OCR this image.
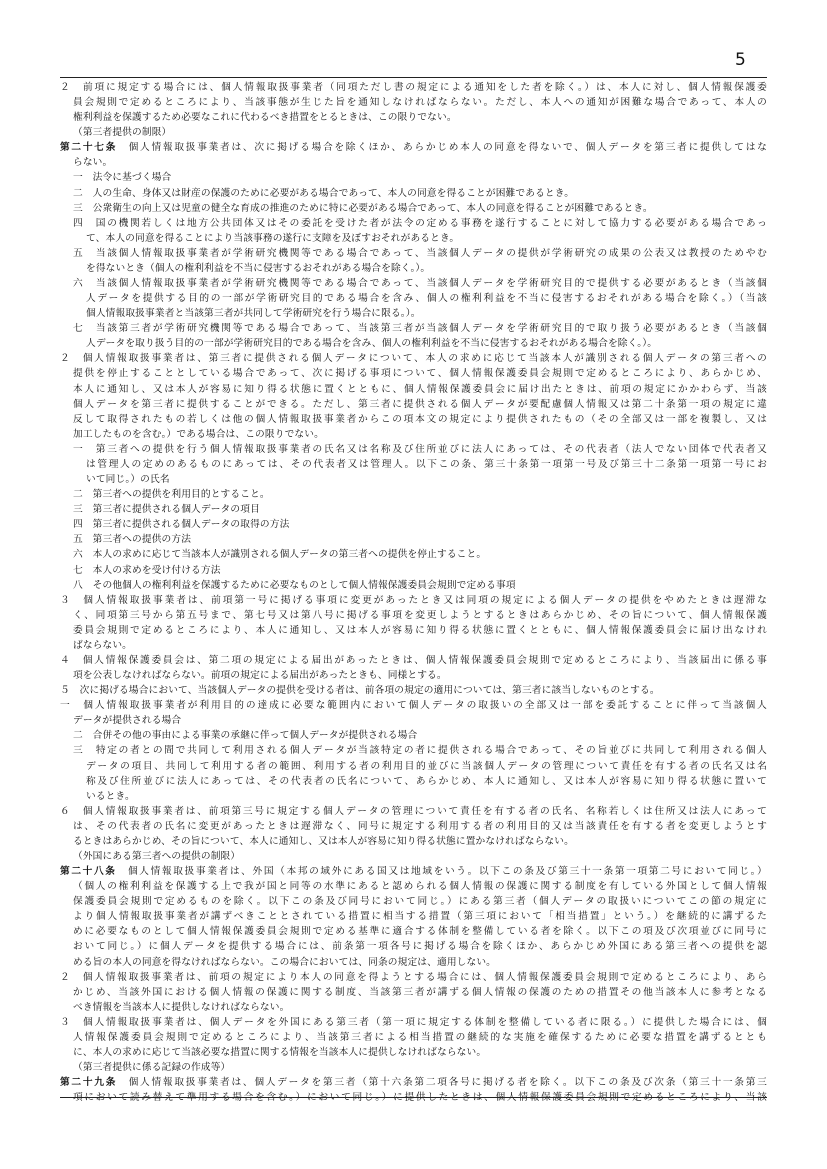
5
２　前項に規定する場合には、個人情報取扱事業者（同項ただし書の規定による通知をした者を除く。）は、本人に対し、個人情報保護委
員会規則で定めるところにより、当該事態が生じた旨を通知しなければならない。ただし、本人への通知が困難な場合であって、本人の
権利利益を保護するため必要なこれに代わるべき措置をとるときは、この限りでない。
（第三者提供の制限）
第二十七条　個人情報取扱事業者は、次に掲げる場合を除くほか、あらかじめ本人の同意を得ないで、個人データを第三者に提供してはな
らない。
一　法令に基づく場合
二　人の生命、身体又は財産の保護のために必要がある場合であって、本人の同意を得ることが困難であるとき。
三　公衆衛生の向上又は児童の健全な育成の推進のために特に必要がある場合であって、本人の同意を得ることが困難であるとき。
四　国の機関若しくは地方公共団体又はその委託を受けた者が法令の定める事務を遂行することに対して協力する必要がある場合であっ
て、本人の同意を得ることにより当該事務の遂行に支障を及ぼすおそれがあるとき。
五　当該個人情報取扱事業者が学術研究機関等である場合であって、当該個人データの提供が学術研究の成果の公表又は教授のためやむ
を得ないとき（個人の権利利益を不当に侵害するおそれがある場合を除く。）。
六　当該個人情報取扱事業者が学術研究機関等である場合であって、当該個人データを学術研究目的で提供する必要があるとき（当該個
人データを提供する目的の一部が学術研究目的である場合を含み、個人の権利利益を不当に侵害するおそれがある場合を除く。）（当該
個人情報取扱事業者と当該第三者が共同して学術研究を行う場合に限る。）。
七　当該第三者が学術研究機関等である場合であって、当該第三者が当該個人データを学術研究目的で取り扱う必要があるとき（当該個
人データを取り扱う目的の一部が学術研究目的である場合を含み、個人の権利利益を不当に侵害するおそれがある場合を除く。）。
２　個人情報取扱事業者は、第三者に提供される個人データについて、本人の求めに応じて当該本人が識別される個人データの第三者への
提供を停止することとしている場合であって、次に掲げる事項について、個人情報保護委員会規則で定めるところにより、あらかじめ、
本人に通知し、又は本人が容易に知り得る状態に置くとともに、個人情報保護委員会に届け出たときは、前項の規定にかかわらず、当該
個人データを第三者に提供することができる。ただし、第三者に提供される個人データが要配慮個人情報又は第二十条第一項の規定に違
反して取得されたもの若しくは他の個人情報取扱事業者からこの項本文の規定により提供されたもの（その全部又は一部を複製し、又は
加工したものを含む。）である場合は、この限りでない。
一　第三者への提供を行う個人情報取扱事業者の氏名又は名称及び住所並びに法人にあっては、その代表者（法人でない団体で代表者又
は管理人の定めのあるものにあっては、その代表者又は管理人。以下この条、第三十条第一項第一号及び第三十二条第一項第一号にお
いて同じ。）の氏名
二　第三者への提供を利用目的とすること。
三　第三者に提供される個人データの項目
四　第三者に提供される個人データの取得の方法
五　第三者への提供の方法
六　本人の求めに応じて当該本人が識別される個人データの第三者への提供を停止すること。
七　本人の求めを受け付ける方法
八　その他個人の権利利益を保護するために必要なものとして個人情報保護委員会規則で定める事項
３　個人情報取扱事業者は、前項第一号に掲げる事項に変更があったとき又は同項の規定による個人データの提供をやめたときは遅滞な
く、同項第三号から第五号まで、第七号又は第八号に掲げる事項を変更しようとするときはあらかじめ、その旨について、個人情報保護
委員会規則で定めるところにより、本人に通知し、又は本人が容易に知り得る状態に置くとともに、個人情報保護委員会に届け出なけれ
ばならない。
４　個人情報保護委員会は、第二項の規定による届出があったときは、個人情報保護委員会規則で定めるところにより、当該届出に係る事
項を公表しなければならない。前項の規定による届出があったときも、同様とする。
５　次に掲げる場合において、当該個人データの提供を受ける者は、前各項の規定の適用については、第三者に該当しないものとする。
一　個人情報取扱事業者が利用目的の達成に必要な範囲内において個人データの取扱いの全部又は一部を委託することに伴って当該個人
データが提供される場合
二　合併その他の事由による事業の承継に伴って個人データが提供される場合
三　特定の者との間で共同して利用される個人データが当該特定の者に提供される場合であって、その旨並びに共同して利用される個人
データの項目、共同して利用する者の範囲、利用する者の利用目的並びに当該個人データの管理について責任を有する者の氏名又は名
称及び住所並びに法人にあっては、その代表者の氏名について、あらかじめ、本人に通知し、又は本人が容易に知り得る状態に置いて
いるとき。
６　個人情報取扱事業者は、前項第三号に規定する個人データの管理について責任を有する者の氏名、名称若しくは住所又は法人にあって
は、その代表者の氏名に変更があったときは遅滞なく、同号に規定する利用する者の利用目的又は当該責任を有する者を変更しようとす
るときはあらかじめ、その旨について、本人に通知し、又は本人が容易に知り得る状態に置かなければならない。
（外国にある第三者への提供の制限）
第二十八条　個人情報取扱事業者は、外国（本邦の域外にある国又は地域をいう。以下この条及び第三十一条第一項第二号において同じ。）
（個人の権利利益を保護する上で我が国と同等の水準にあると認められる個人情報の保護に関する制度を有している外国として個人情報
保護委員会規則で定めるものを除く。以下この条及び同号において同じ。）にある第三者（個人データの取扱いについてこの節の規定に
より個人情報取扱事業者が講ずべきこととされている措置に相当する措置（第三項において「相当措置」という。）を継続的に講ずるた
めに必要なものとして個人情報保護委員会規則で定める基準に適合する体制を整備している者を除く。以下この項及び次項並びに同号に
おいて同じ。）に個人データを提供する場合には、前条第一項各号に掲げる場合を除くほか、あらかじめ外国にある第三者への提供を認
める旨の本人の同意を得なければならない。この場合においては、同条の規定は、適用しない。
２　個人情報取扱事業者は、前項の規定により本人の同意を得ようとする場合には、個人情報保護委員会規則で定めるところにより、あら
かじめ、当該外国における個人情報の保護に関する制度、当該第三者が講ずる個人情報の保護のための措置その他当該本人に参考となる
べき情報を当該本人に提供しなければならない。
３　個人情報取扱事業者は、個人データを外国にある第三者（第一項に規定する体制を整備している者に限る。）に提供した場合には、個
人情報保護委員会規則で定めるところにより、当該第三者による相当措置の継続的な実施を確保するために必要な措置を講ずるととも
に、本人の求めに応じて当該必要な措置に関する情報を当該本人に提供しなければならない。
（第三者提供に係る記録の作成等）
第二十九条　個人情報取扱事業者は、個人データを第三者（第十六条第二項各号に掲げる者を除く。以下この条及び次条（第三十一条第三
項において読み替えて準用する場合を含む。）において同じ。）に提供したときは、個人情報保護委員会規則で定めるところにより、当該
